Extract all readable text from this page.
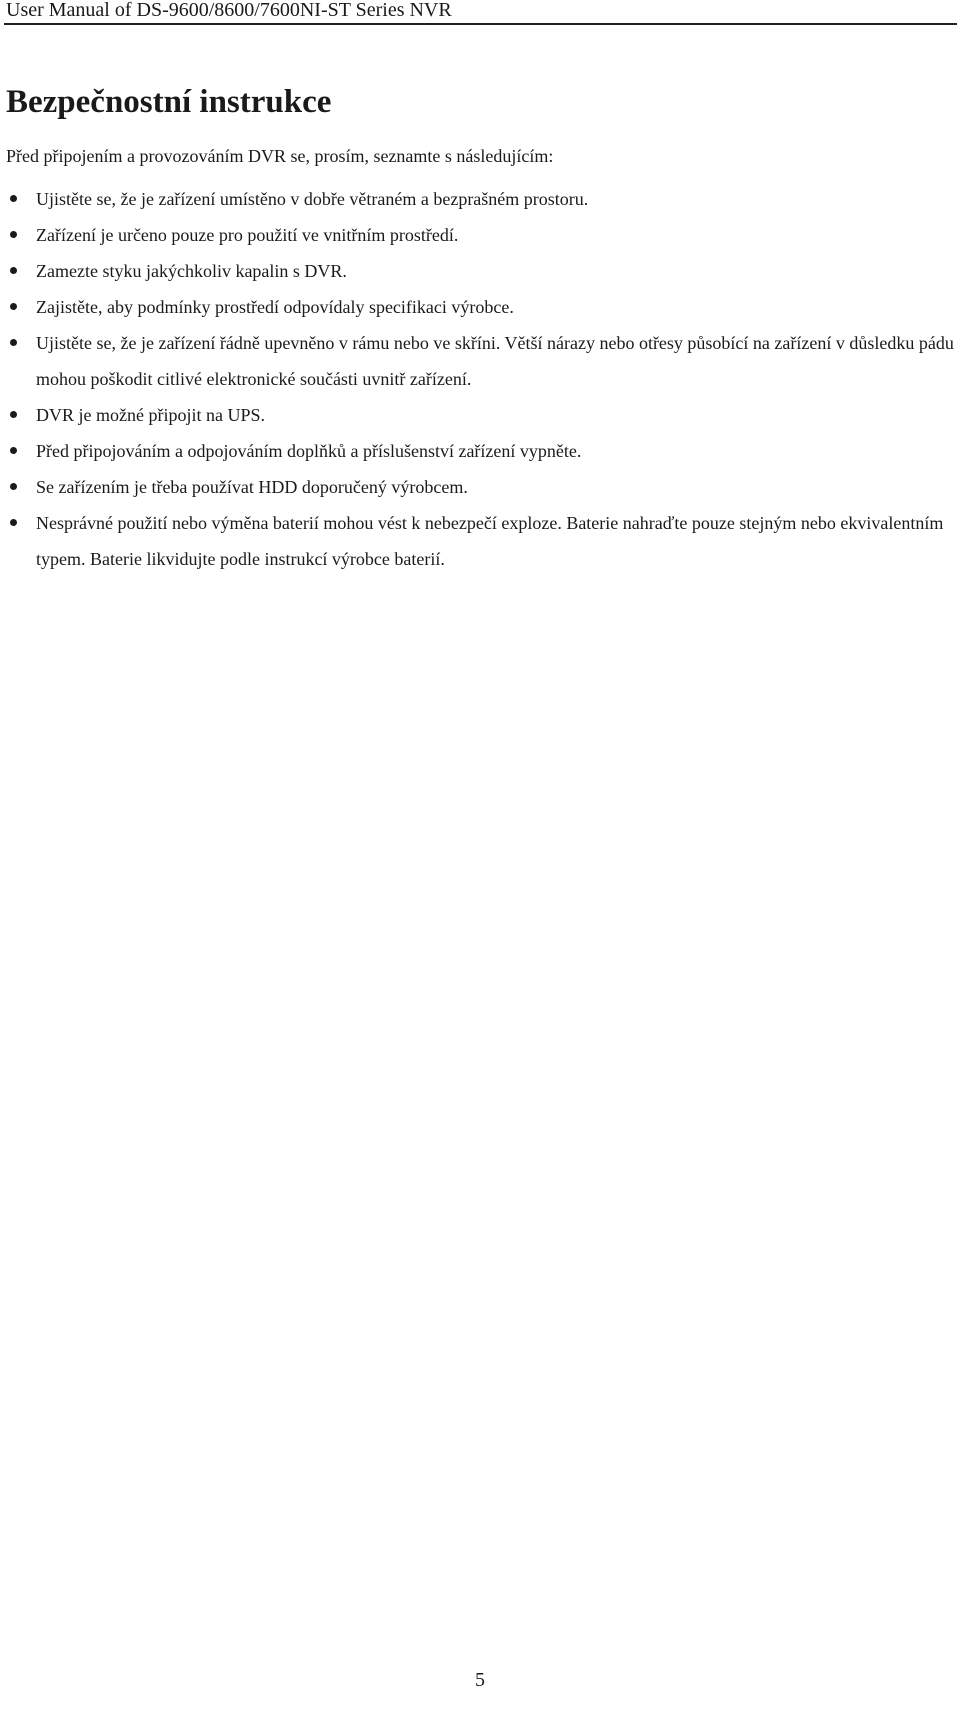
User Manual of DS-9600/8600/7600NI-ST Series NVR
Bezpečnostní instrukce

Před připojením a provozováním DVR se, prosím, seznamte s následujícím:

Ujistěte se, že je zařízení umístěno v dobře větraném a bezprašném prostoru.
Zařízení je určeno pouze pro použití ve vnitřním prostředí.
Zamezte styku jakýchkoliv kapalin s DVR.
Zajistěte, aby podmínky prostředí odpovídaly specifikaci výrobce.
Ujistěte se, že je zařízení řádně upevněno v rámu nebo ve skříni. Větší nárazy nebo otřesy působící na zařízení v důsledku pádu mohou poškodit citlivé elektronické součásti uvnitř zařízení.
DVR je možné připojit na UPS.
Před připojováním a odpojováním doplňků a příslušenství zařízení vypněte.
Se zařízením je třeba používat HDD doporučený výrobcem.
Nesprávné použití nebo výměna baterií mohou vést k nebezpečí exploze. Baterie nahraďte pouze stejným nebo ekvivalentním typem. Baterie likvidujte podle instrukcí výrobce baterií.
5
